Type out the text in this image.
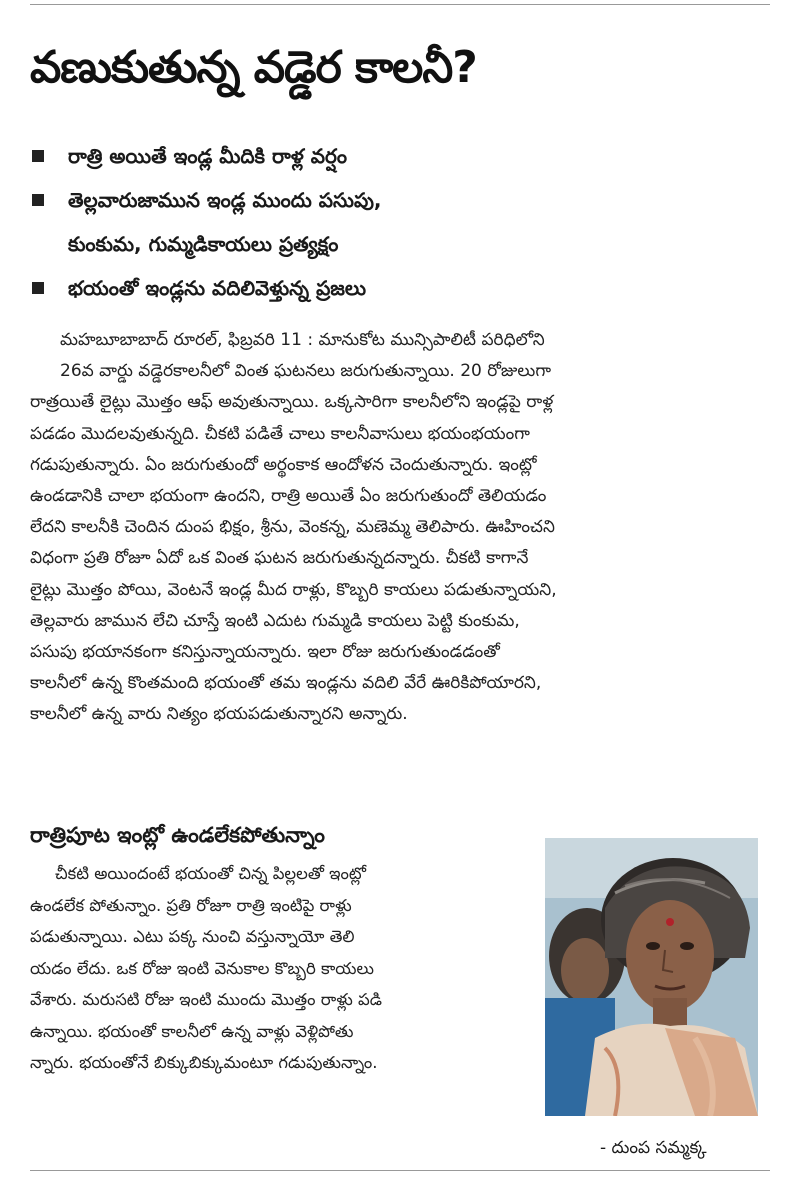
వణుకుతున్న వడ్డెర కాలనీ?
రాత్రి అయితే ఇండ్ల మీదికి రాళ్ల వర్షం
తెల్లవారుజామున ఇండ్ల ముందు పసుపు,
కుంకుమ, గుమ్మడికాయలు ప్రత్యక్షం
భయంతో ఇండ్లను వదిలివెళ్తున్న ప్రజలు
మహబూబాబాద్ రూరల్, ఫిబ్రవరి 11 : మానుకోట మున్సిపాలిటీ పరిధిలోని
26వ వార్డు వడ్డెరకాలనీలో వింత ఘటనలు జరుగుతున్నాయి. 20 రోజులుగా
రాత్రయితే లైట్లు మొత్తం ఆఫ్ అవుతున్నాయి. ఒక్కసారిగా కాలనీలోని ఇండ్లపై రాళ్ల
పడడం మొదలవుతున్నది. చీకటి పడితే చాలు కాలనీవాసులు భయంభయంగా
గడుపుతున్నారు. ఏం జరుగుతుందో అర్థంకాక ఆందోళన చెందుతున్నారు. ఇంట్లో
ఉండడానికి చాలా భయంగా ఉందని, రాత్రి అయితే ఏం జరుగుతుందో తెలియడం
లేదని కాలనీకి చెందిన దుంప భిక్షం, శ్రీను, వెంకన్న, మణెమ్మ తెలిపారు. ఊహించని
విధంగా ప్రతి రోజూ ఏదో ఒక వింత ఘటన జరుగుతున్నదన్నారు. చీకటి కాగానే
లైట్లు మొత్తం పోయి, వెంటనే ఇండ్ల మీద రాళ్లు, కొబ్బరి కాయలు పడుతున్నాయని,
తెల్లవారు జామున లేచి చూస్తే ఇంటి ఎదుట గుమ్మడి కాయలు పెట్టి కుంకుమ,
పసుపు భయానకంగా కనిస్తున్నాయన్నారు. ఇలా రోజు జరుగుతుండడంతో
కాలనీలో ఉన్న కొంతమంది భయంతో తమ ఇండ్లను వదిలి వేరే ఊరికిపోయారని,
కాలనీలో ఉన్న వారు నిత్యం భయపడుతున్నారని అన్నారు.
రాత్రిపూట ఇంట్లో ఉండలేకపోతున్నాం
చీకటి అయిందంటే భయంతో చిన్న పిల్లలతో ఇంట్లో
ఉండలేక పోతున్నాం. ప్రతి రోజూ రాత్రి ఇంటిపై రాళ్లు
పడుతున్నాయి. ఎటు పక్క నుంచి వస్తున్నాయో తెలి
యడం లేదు. ఒక రోజు ఇంటి వెనుకాల కొబ్బరి కాయలు
వేశారు. మరుసటి రోజు ఇంటి ముందు మొత్తం రాళ్లు పడి
ఉన్నాయి. భయంతో కాలనీలో ఉన్న వాళ్లు వెళ్లిపోతు
న్నారు. భయంతోనే బిక్కుబిక్కుమంటూ గడుపుతున్నాం.
- దుంప సమ్మక్క
